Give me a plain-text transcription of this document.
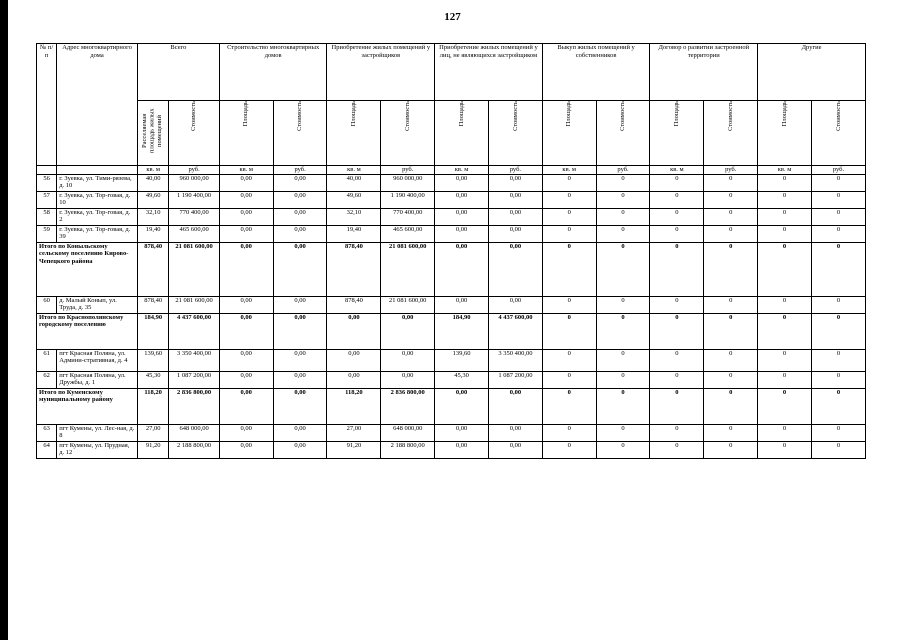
127
№ п/п	Адрес многоквартирного дома	Всего		Строительство многоквартирных домов		Приобретение жилых помещений у застройщиков		Приобретение жилых помещений у лиц, не являющихся застройщиком		Выкуп жилых помещений у собственников		Договор о развитии застроенной территории		Другие	

		Расселяемая площадь жилых помещений	Стоимость	Площадь	Стоимость	Площадь	Стоимость	Площадь	Стоимость	Площадь	Стоимость	Площадь	Стоимость	Площадь	Стоимость

		кв. м	руб.	кв. м	руб.	кв. м	руб.	кв. м	руб.	кв. м	руб.	кв. м	руб.	кв. м	руб.
56	г. Зуевка, ул. Тими-рязева, д. 10	40,00	960 000,00	0,00	0,00	40,00	960 000,00	0,00	0,00	0	0	0	0	0	0
57	г. Зуевка, ул. Тор-говая, д. 10	49,60	1 190 400,00	0,00	0,00	49,60	1 190 400,00	0,00	0,00	0	0	0	0	0	0
58	г. Зуевка, ул. Тор-говая, д. 2	32,10	770 400,00	0,00	0,00	32,10	770 400,00	0,00	0,00	0	0	0	0	0	0
59	г. Зуевка, ул. Тор-говая, д. 39	19,40	465 600,00	0,00	0,00	19,40	465 600,00	0,00	0,00	0	0	0	0	0	0
Итого по Коныльскому сельскому поселению Кирово-Чепецкого района		878,40	21 081 600,00	0,00	0,00	878,40	21 081 600,00	0,00	0,00	0	0	0	0	0	0
60	д. Малый Конып, ул. Труда, д. 35	878,40	21 081 600,00	0,00	0,00	878,40	21 081 600,00	0,00	0,00	0	0	0	0	0	0
Итого по Краснополянскому городскому поселению		184,90	4 437 600,00	0,00	0,00	0,00	0,00	184,90	4 437 600,00	0	0	0	0	0	0
61	пгт Красная Поляна, ул. Админи-стративная, д. 4	139,60	3 350 400,00	0,00	0,00	0,00	0,00	139,60	3 350 400,00	0	0	0	0	0	0
62	пгт Красная Поляна, ул. Дружбы, д. 1	45,30	1 087 200,00	0,00	0,00	0,00	0,00	45,30	1 087 200,00	0	0	0	0	0	0
Итого по Куменскому муниципальному району		118,20	2 836 800,00	0,00	0,00	118,20	2 836 800,00	0,00	0,00	0	0	0	0	0	0
63	пгт Кумены, ул. Лес-ная, д. 8	27,00	648 000,00	0,00	0,00	27,00	648 000,00	0,00	0,00	0	0	0	0	0	0
64	пгт Кумены, ул. Прудная, д. 12	91,20	2 188 800,00	0,00	0,00	91,20	2 188 800,00	0,00	0,00	0	0	0	0	0	0
